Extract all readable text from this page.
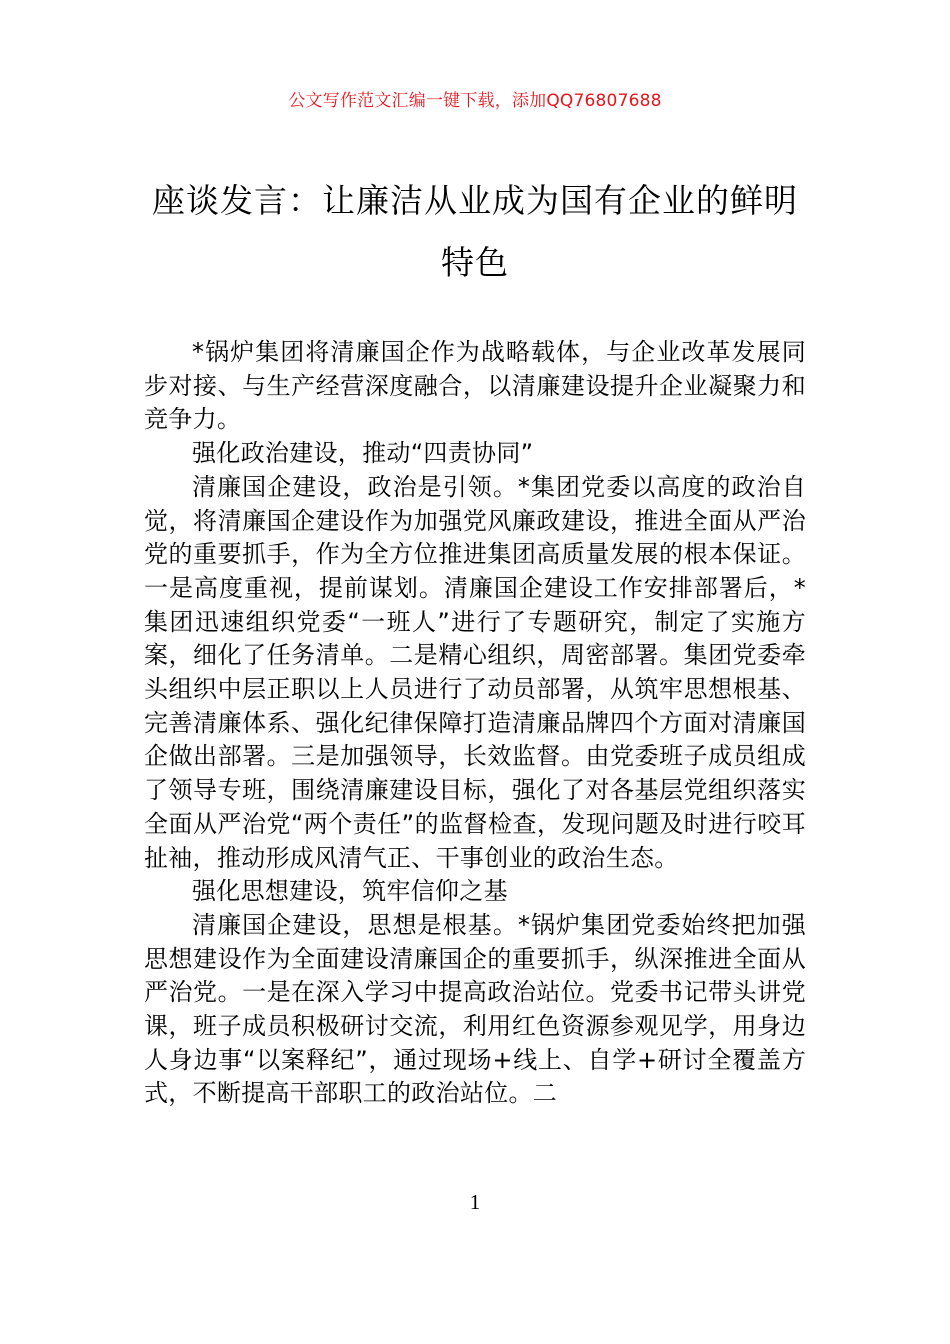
公文写作范文汇编一键下载，添加QQ76807688
座谈发言：让廉洁从业成为国有企业的鲜明特色

*锅炉集团将清廉国企作为战略载体，与企业改革发展同步对接、与生产经营深度融合，以清廉建设提升企业凝聚力和竞争力。

强化政治建设，推动“四责协同”

清廉国企建设，政治是引领。*集团党委以高度的政治自觉，将清廉国企建设作为加强党风廉政建设，推进全面从严治党的重要抓手，作为全方位推进集团高质量发展的根本保证。一是高度重视，提前谋划。清廉国企建设工作安排部署后，*集团迅速组织党委“一班人”进行了专题研究，制定了实施方案，细化了任务清单。二是精心组织，周密部署。集团党委牵头组织中层正职以上人员进行了动员部署，从筑牢思想根基、完善清廉体系、强化纪律保障打造清廉品牌四个方面对清廉国企做出部署。三是加强领导，长效监督。由党委班子成员组成了领导专班，围绕清廉建设目标，强化了对各基层党组织落实全面从严治党“两个责任”的监督检查，发现问题及时进行咬耳扯袖，推动形成风清气正、干事创业的政治生态。

强化思想建设，筑牢信仰之基

清廉国企建设，思想是根基。*锅炉集团党委始终把加强思想建设作为全面建设清廉国企的重要抓手，纵深推进全面从严治党。一是在深入学习中提高政治站位。党委书记带头讲党课，班子成员积极研讨交流，利用红色资源参观见学，用身边人身边事“以案释纪”，通过现场+线上、自学+研讨全覆盖方式，不断提高干部职工的政治站位。二

1
